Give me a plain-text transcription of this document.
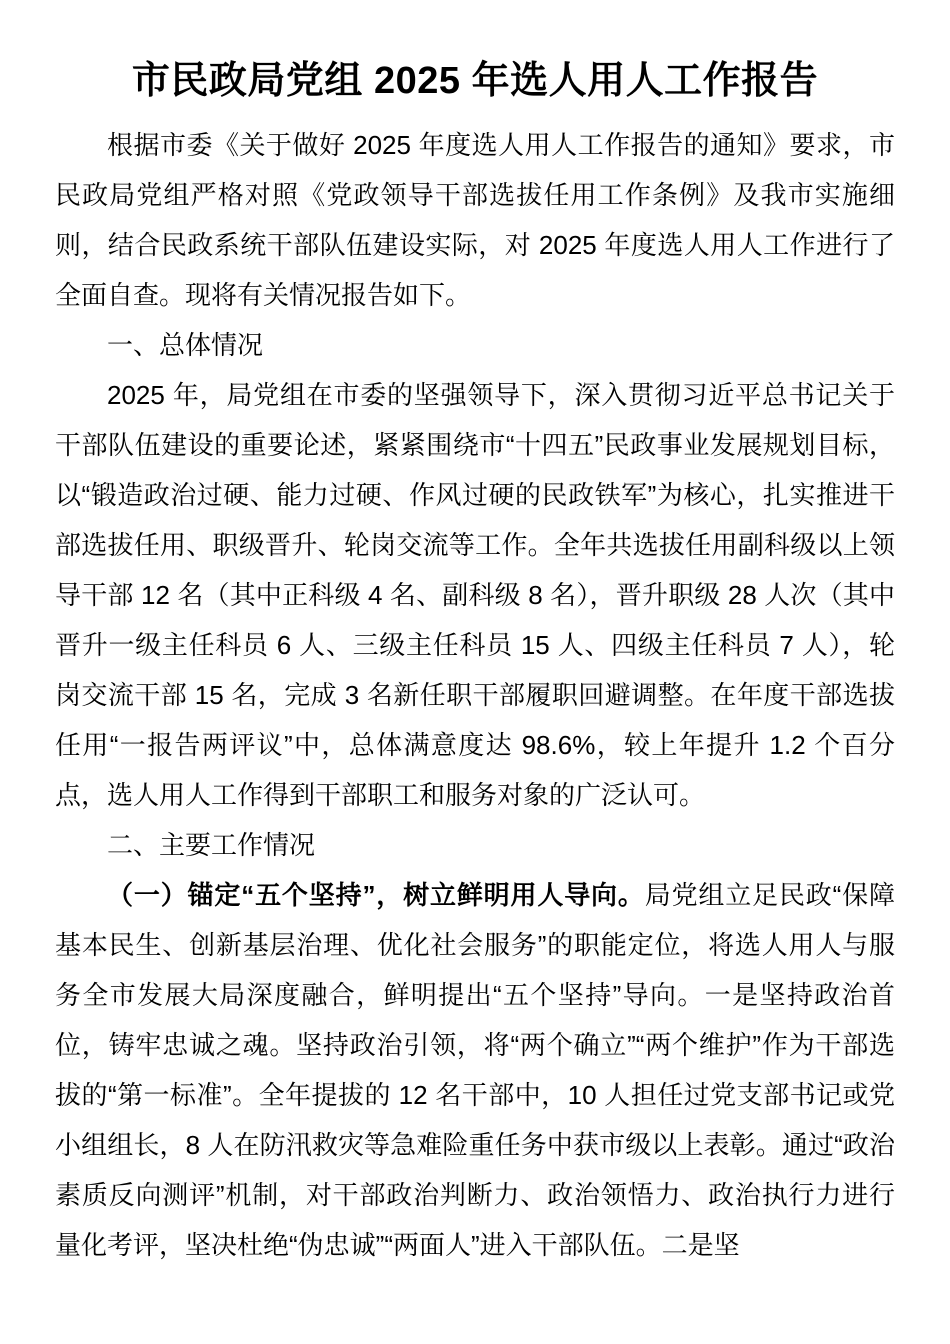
市民政局党组 2025 年选人用人工作报告

根据市委《关于做好 2025 年度选人用人工作报告的通知》要求，市民政局党组严格对照《党政领导干部选拔任用工作条例》及我市实施细则，结合民政系统干部队伍建设实际，对 2025 年度选人用人工作进行了全面自查。现将有关情况报告如下。

一、总体情况

2025 年，局党组在市委的坚强领导下，深入贯彻习近平总书记关于干部队伍建设的重要论述，紧紧围绕市“十四五”民政事业发展规划目标，以“锻造政治过硬、能力过硬、作风过硬的民政铁军”为核心，扎实推进干部选拔任用、职级晋升、轮岗交流等工作。全年共选拔任用副科级以上领导干部 12 名（其中正科级 4 名、副科级 8 名），晋升职级 28 人次（其中晋升一级主任科员 6 人、三级主任科员 15 人、四级主任科员 7 人），轮岗交流干部 15 名，完成 3 名新任职干部履职回避调整。在年度干部选拔任用“一报告两评议”中，总体满意度达 98.6%，较上年提升 1.2 个百分点，选人用人工作得到干部职工和服务对象的广泛认可。

二、主要工作情况

（一）锚定“五个坚持”，树立鲜明用人导向。局党组立足民政“保障基本民生、创新基层治理、优化社会服务”的职能定位，将选人用人与服务全市发展大局深度融合，鲜明提出“五个坚持”导向。一是坚持政治首位，铸牢忠诚之魂。坚持政治引领，将“两个确立”“两个维护”作为干部选拔的“第一标准”。全年提拔的 12 名干部中，10 人担任过党支部书记或党小组组长，8 人在防汛救灾等急难险重任务中获市级以上表彰。通过“政治素质反向测评”机制，对干部政治判断力、政治领悟力、政治执行力进行量化考评，坚决杜绝“伪忠诚”“两面人”进入干部队伍。二是坚
